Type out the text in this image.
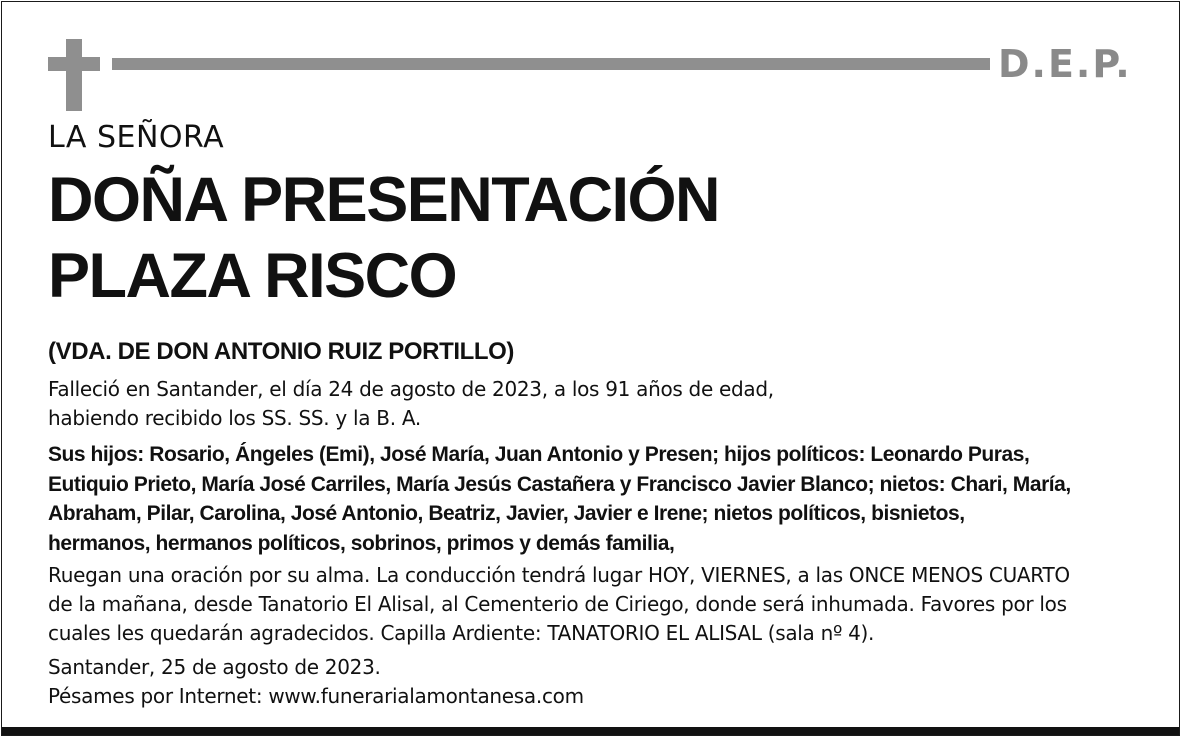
D.E.P.
LA SEÑORA
DOÑA PRESENTACIÓN
PLAZA RISCO
(VDA. DE DON ANTONIO RUIZ PORTILLO)
Falleció en Santander, el día 24 de agosto de 2023, a los 91 años de edad,
habiendo recibido los SS. SS. y la B. A.
Sus hijos: Rosario, Ángeles (Emi), José María, Juan Antonio y Presen; hijos políticos: Leonardo Puras,
Eutiquio Prieto, María José Carriles, María Jesús Castañera y Francisco Javier Blanco; nietos: Chari, María,
Abraham, Pilar, Carolina, José Antonio, Beatriz, Javier, Javier e Irene; nietos políticos, bisnietos,
hermanos, hermanos políticos, sobrinos, primos y demás familia,
Ruegan una oración por su alma. La conducción tendrá lugar HOY, VIERNES, a las ONCE MENOS CUARTO
de la mañana, desde Tanatorio El Alisal, al Cementerio de Ciriego, donde será inhumada. Favores por los
cuales les quedarán agradecidos. Capilla Ardiente: TANATORIO EL ALISAL (sala nº 4).
Santander, 25 de agosto de 2023.
Pésames por Internet: www.funerarialamontanesa.com
